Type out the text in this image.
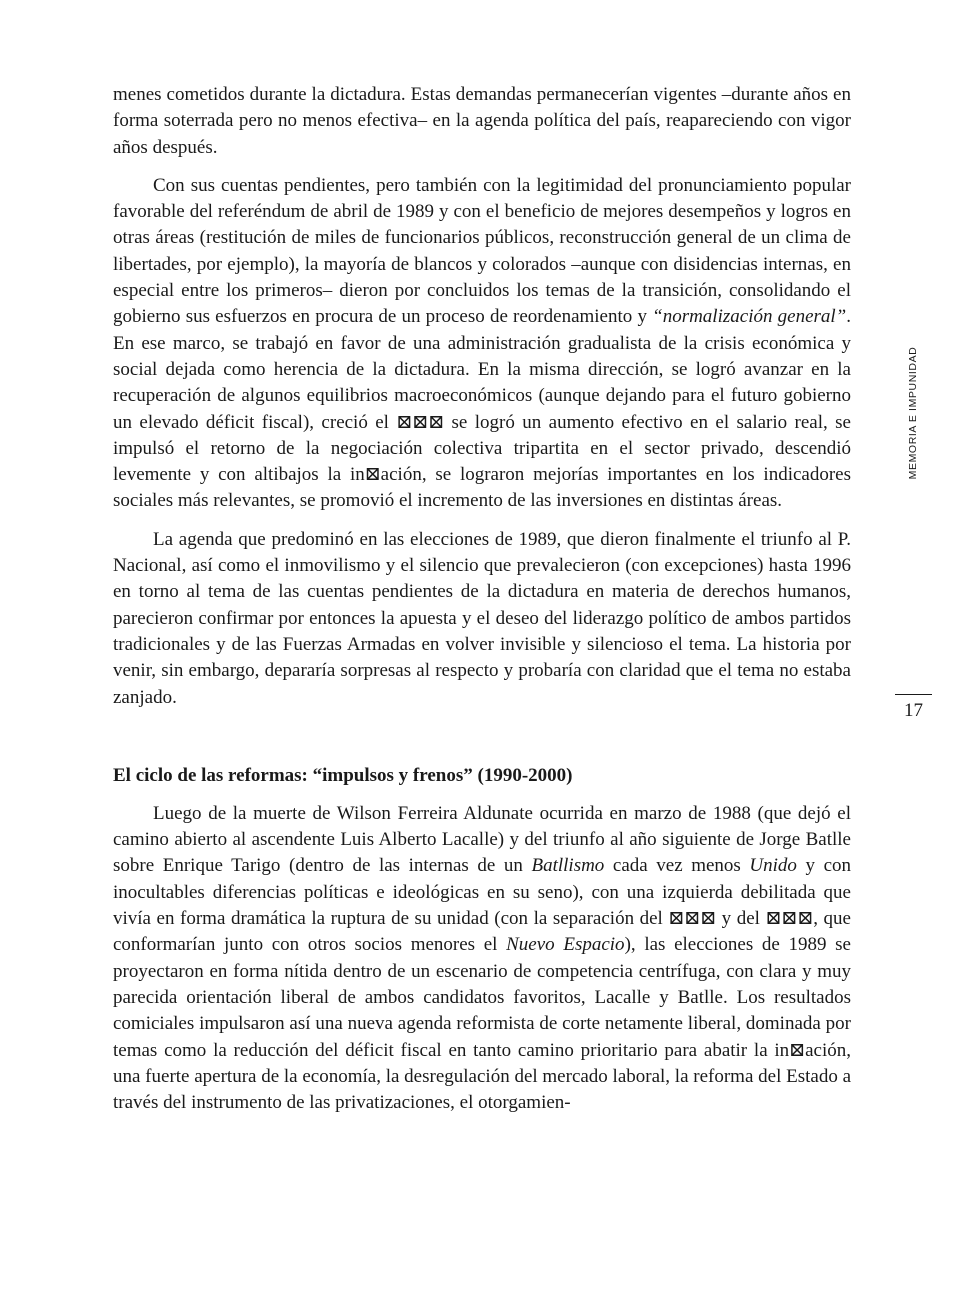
menes cometidos durante la dictadura. Estas demandas permanecerían vigentes –durante años en forma soterrada pero no menos efectiva– en la agenda política del país, reapareciendo con vigor años después.

Con sus cuentas pendientes, pero también con la legitimidad del pronunciamiento popular favorable del referéndum de abril de 1989 y con el beneficio de mejores desempeños y logros en otras áreas (restitución de miles de funcionarios públicos, reconstrucción general de un clima de libertades, por ejemplo), la mayoría de blancos y colorados –aunque con disidencias internas, en especial entre los primeros– dieron por concluidos los temas de la transición, consolidando el gobierno sus esfuerzos en procura de un proceso de reordenamiento y “normalización general”. En ese marco, se trabajó en favor de una administración gradualista de la crisis económica y social dejada como herencia de la dictadura. En la misma dirección, se logró avanzar en la recuperación de algunos equilibrios macroeconómicos (aunque dejando para el futuro gobierno un elevado déficit fiscal), creció el ⊠⊠⊠ se logró un aumento efectivo en el salario real, se impulsó el retorno de la negociación colectiva tripartita en el sector privado, descendió levemente y con altibajos la in⊠ación, se lograron mejorías importantes en los indicadores sociales más relevantes, se promovió el incremento de las inversiones en distintas áreas.

La agenda que predominó en las elecciones de 1989, que dieron finalmente el triunfo al P. Nacional, así como el inmovilismo y el silencio que prevalecieron (con excepciones) hasta 1996 en torno al tema de las cuentas pendientes de la dictadura en materia de derechos humanos, parecieron confirmar por entonces la apuesta y el deseo del liderazgo político de ambos partidos tradicionales y de las Fuerzas Armadas en volver invisible y silencioso el tema. La historia por venir, sin embargo, depararía sorpresas al respecto y probaría con claridad que el tema no estaba zanjado.

El ciclo de las reformas: “impulsos y frenos” (1990-2000)

Luego de la muerte de Wilson Ferreira Aldunate ocurrida en marzo de 1988 (que dejó el camino abierto al ascendente Luis Alberto Lacalle) y del triunfo al año siguiente de Jorge Batlle sobre Enrique Tarigo (dentro de las internas de un Batllismo cada vez menos Unido y con inocultables diferencias políticas e ideológicas en su seno), con una izquierda debilitada que vivía en forma dramática la ruptura de su unidad (con la separación del ⊠⊠⊠ y del ⊠⊠⊠, que conformarían junto con otros socios menores el Nuevo Espacio), las elecciones de 1989 se proyectaron en forma nítida dentro de un escenario de competencia centrífuga, con clara y muy parecida orientación liberal de ambos candidatos favoritos, Lacalle y Batlle. Los resultados comiciales impulsaron así una nueva agenda reformista de corte netamente liberal, dominada por temas como la reducción del déficit fiscal en tanto camino prioritario para abatir la in⊠ación, una fuerte apertura de la economía, la desregulación del mercado laboral, la reforma del Estado a través del instrumento de las privatizaciones, el otorgamien-

MEMORIA E IMPUNIDAD
17
